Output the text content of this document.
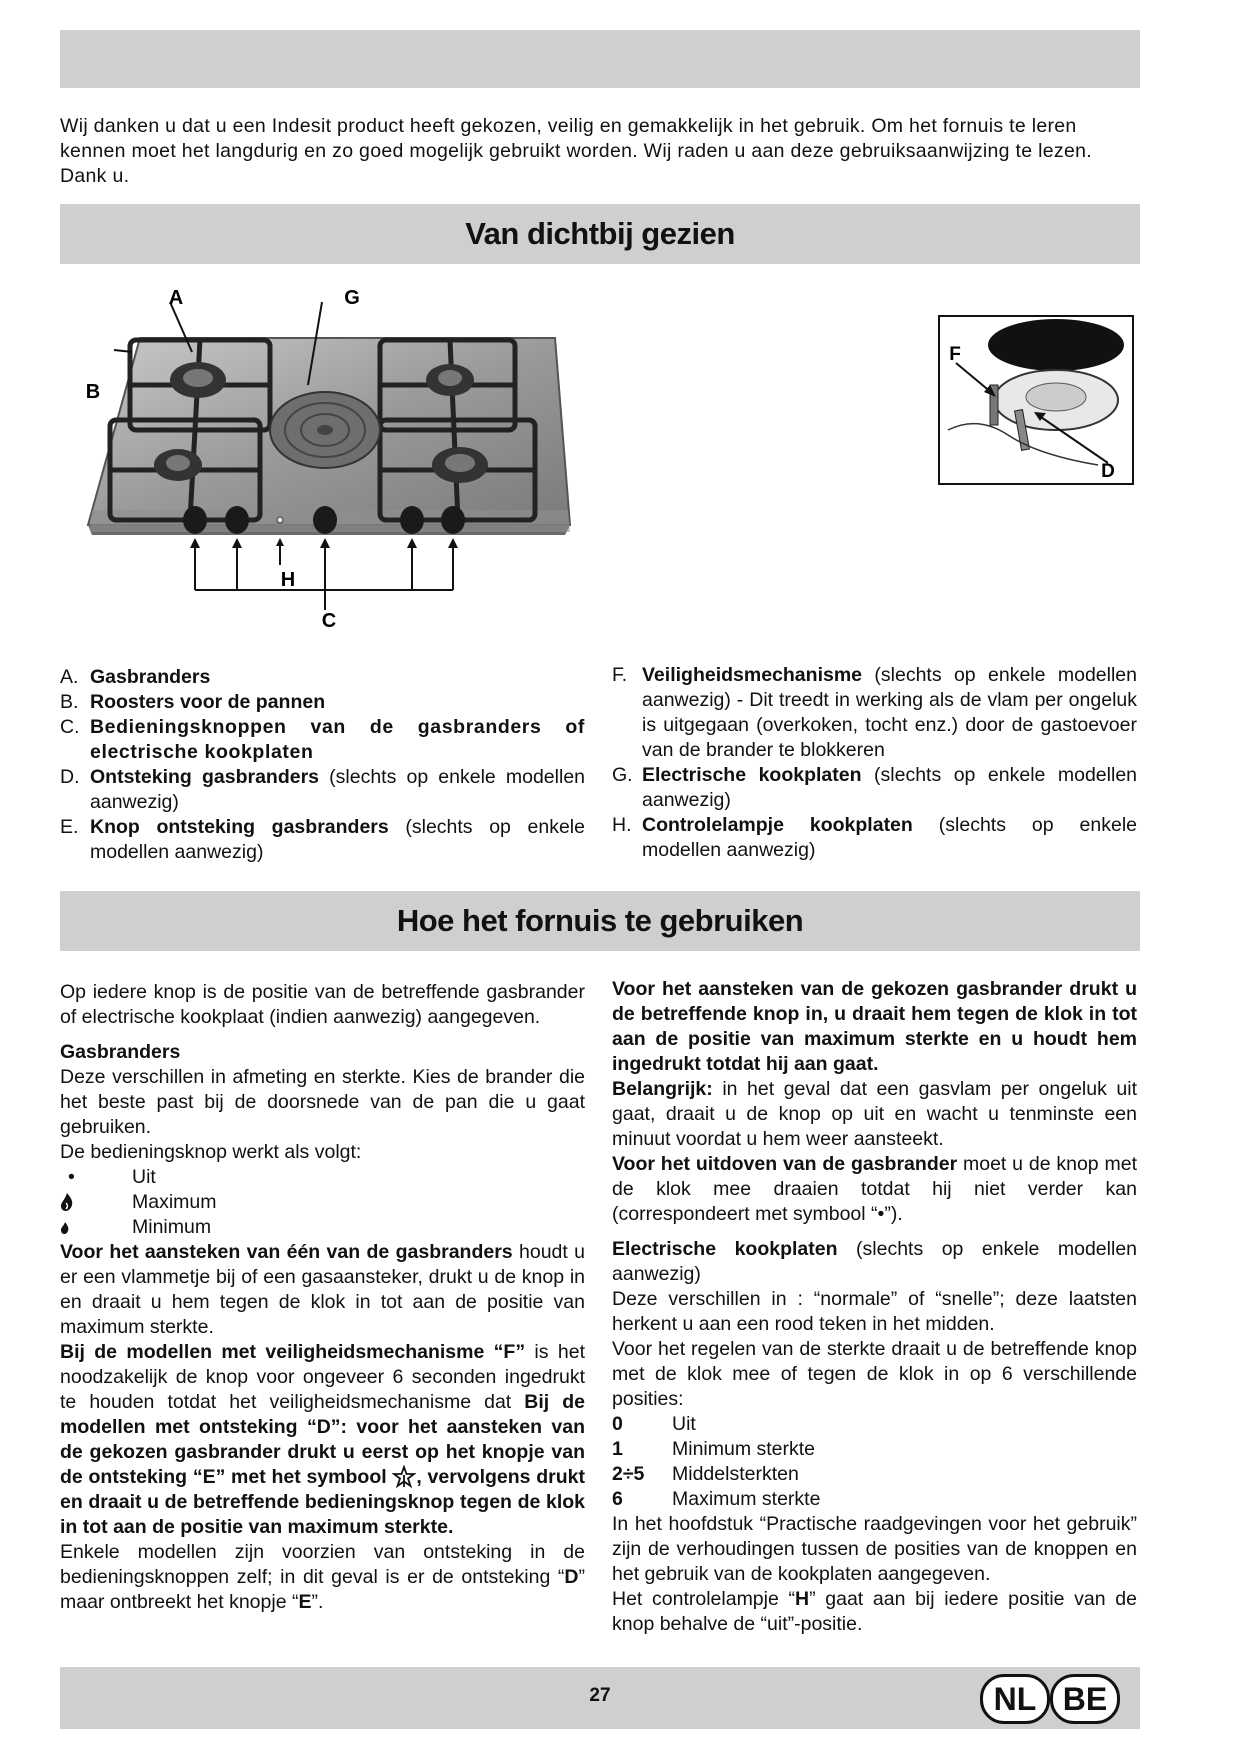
Wij danken u dat u een Indesit product heeft gekozen, veilig en gemakkelijk in het gebruik. Om het fornuis te leren kennen moet het langdurig en zo goed mogelijk gebruikt worden. Wij raden u aan deze gebruiksaanwijzing te lezen. Dank u.
Van dichtbij gezien
A	G
B
H
C
F
D
A. Gasbranders
B. Roosters voor de pannen
C. Bedieningsknoppen van de gasbranders of electrische kookplaten
D. Ontsteking gasbranders (slechts op enkele modellen aanwezig)
E. Knop ontsteking gasbranders (slechts op enkele modellen aanwezig)
F. Veiligheidsmechanisme (slechts op enkele modellen aanwezig) - Dit treedt in werking als de vlam per ongeluk is uitgegaan (overkoken, tocht enz.) door de gastoevoer van de brander te blokkeren
G. Electrische kookplaten (slechts op enkele modellen aanwezig)
H. Controlelampje kookplaten (slechts op enkele modellen aanwezig)
Hoe het fornuis te gebruiken

Op iedere knop is de positie van de betreffende gasbrander of electrische kookplaat (indien aanwezig) aangegeven.

Gasbranders

Deze verschillen in afmeting en sterkte. Kies de brander die het beste past bij de doorsnede van de pan die u gaat gebruiken.

De bedieningsknop werkt als volgt:

•	Uit
Maximum
Minimum

Voor het aansteken van één van de gasbranders houdt u er een vlammetje bij of een gasaansteker, drukt u de knop in en draait u hem tegen de klok in tot aan de positie van maximum sterkte.

Bij de modellen met veiligheidsmechanisme “F” is het noodzakelijk de knop voor ongeveer 6 seconden ingedrukt te houden totdat het veiligheidsmechanisme dat Bij de modellen met ontsteking “D”: voor het aansteken van de gekozen gasbrander drukt u eerst op het knopje van de ontsteking “E” met het symbool , vervolgens drukt en draait u de betreffende bedieningsknop tegen de klok in tot aan de positie van maximum sterkte.

Enkele modellen zijn voorzien van ontsteking in de bedieningsknoppen zelf; in dit geval is er de ontsteking “D” maar ontbreekt het knopje “E”.

Voor het aansteken van de gekozen gasbrander drukt u de betreffende knop in, u draait hem tegen de klok in tot aan de positie van maximum sterkte en u houdt hem ingedrukt totdat hij aan gaat.

Belangrijk: in het geval dat een gasvlam per ongeluk uit gaat, draait u de knop op uit en wacht u tenminste een minuut voordat u hem weer aansteekt.

Voor het uitdoven van de gasbrander moet u de knop met de klok mee draaien totdat hij niet verder kan (correspondeert met symbool “•”).

Electrische kookplaten (slechts op enkele modellen aanwezig)

Deze verschillen in : “normale” of “snelle”; deze laatsten herkent u aan een rood teken in het midden.

Voor het regelen van de sterkte draait u de betreffende knop met de klok mee of tegen de klok in op 6 verschillende posities:

0	Uit
1	Minimum sterkte
2÷5	Middelsterkten
6	Maximum sterkte

In het hoofdstuk “Practische raadgevingen voor het gebruik” zijn de verhoudingen tussen de posities van de knoppen en het gebruik van de kookplaten aangegeven.

Het controlelampje “H” gaat aan bij iedere positie van de knop behalve de “uit”-positie.

27	NL BE
